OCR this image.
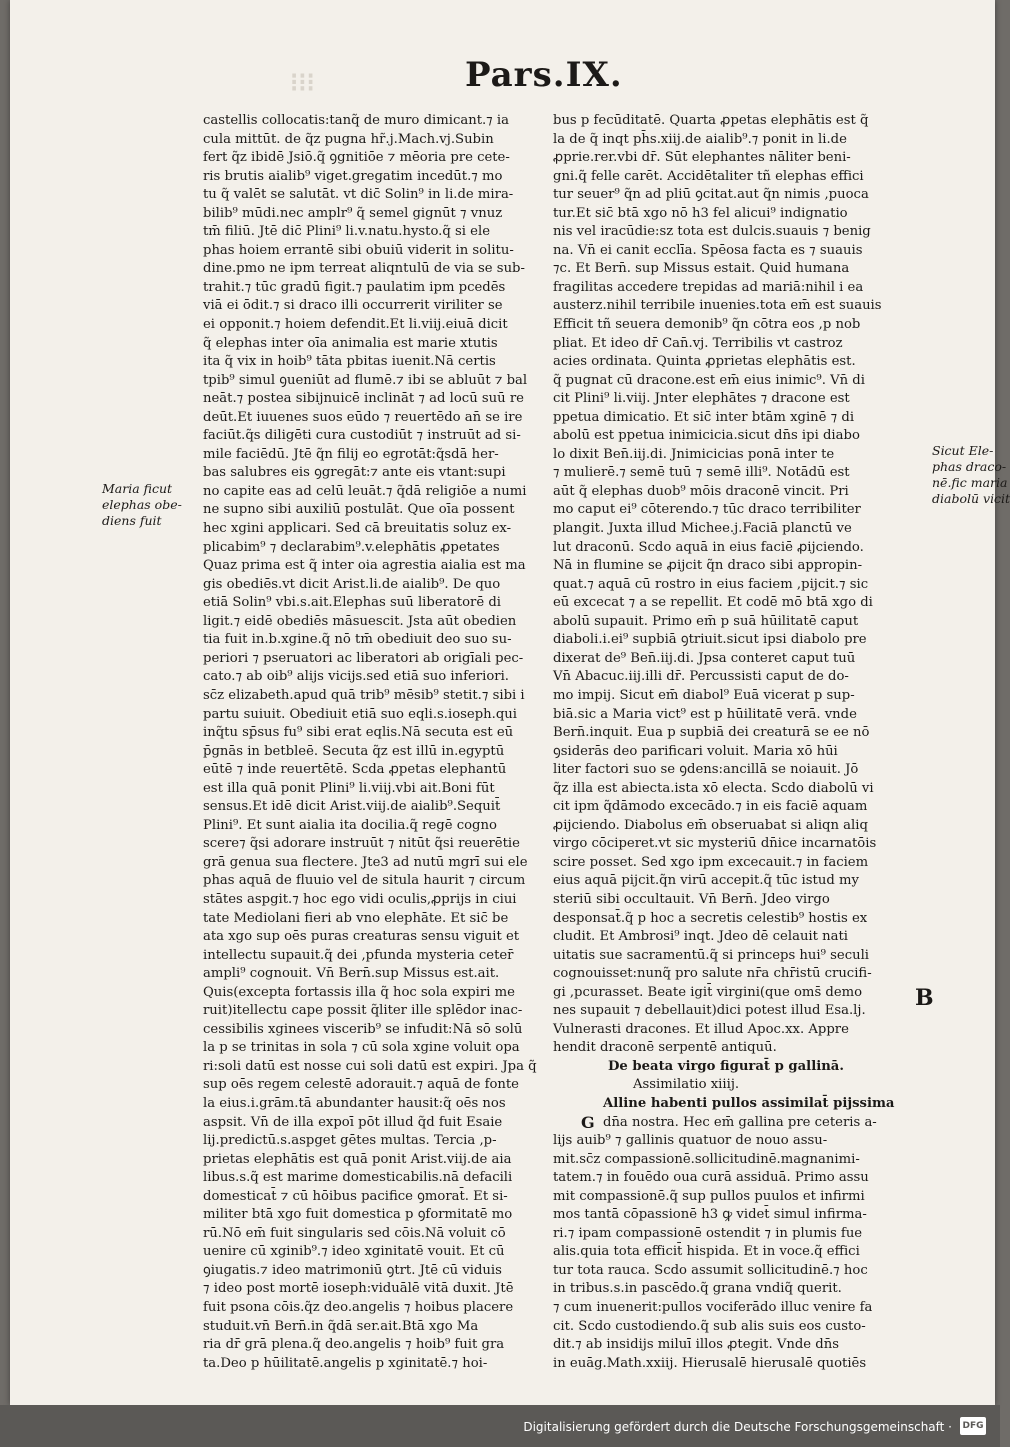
⁝⁝⁝	Pars.IX.
castellis collocatis:tanq̃ de muro dimicant.⁊ ia
cula mittūt. de q̃z pugna hr̃.j.Mach.vj.Subin
fert q̃z ibidē Jsiō.q̃ ꝯgnitiōe ⁊ mēoria pre cete-
ris brutis aialib⁹ viget.gregatim incedūt.⁊ mo
tu q̃ valēt se salutāt. vt dic̄ Solin⁹ in li.de mira-
bilib⁹ mūdi.nec amplr⁹ q̃ semel gignūt ⁊ vnuz
tm̄ filiū. Jtē dic̄ Plini⁹ li.v.natu.hysto.q̃ si ele
phas hoiem errantē sibi obuiū viderit in solitu-
dine.pmo ne ipm terreat aliqntulū de via se sub-
trahit.⁊ tūc gradū figit.⁊ paulatim ipm pcedēs
viā ei ōdit.⁊ si draco illi occurrerit viriliter se
ei opponit.⁊ hoiem defendit.Et li.viij.eiuā dicit
q̃ elephas inter oīa animalia est marie xtutis
ita q̃ vix in hoib⁹ tāta pbitas iuenit.Nā certis
tpib⁹ simul ꝯueniūt ad flumē.⁊ ibi se abluūt ⁊ bal
neāt.⁊ postea sibijnuicē inclināt ⁊ ad locū suū re
deūt.Et iuuenes suos eūdo ⁊ reuertēdo an̄ se ire
faciūt.q̃s diligēti cura custodiūt ⁊ instruūt ad si-
mile faciēdū. Jtē q̃n filij eo egrotāt:q̃sdā her-
bas salubres eis ꝯgregāt:⁊ ante eis vtant:supi
no capite eas ad celū leuāt.⁊ q̃dā religiōe a numi
ne supno sibi auxiliū postulāt. Que oīa possent
hec xgini applicari. Sed cā breuitatis soluz ex-
plicabim⁹ ⁊ declarabim⁹.v.elephātis ꝓpetates
Quaz prima est q̃ inter oia agrestia aialia est ma
gis obediēs.vt dicit Arist.li.de aialib⁹. De quo
etiā Solin⁹ vbi.s.ait.Elephas suū liberatorē di
ligit.⁊ eidē obediēs māsuescit. Jsta aūt obedien
tia fuit in.b.xgine.q̃ nō tm̄ obediuit deo suo su-
periori ⁊ pseruatori ac liberatori ab origīali pec-
cato.⁊ ab oib⁹ alijs vicijs.sed etiā suo inferiori.
sc̄z elizabeth.apud quā trib⁹ mēsib⁹ stetit.⁊ sibi i
partu suiuit. Obediuit etiā suo eqli.s.ioseph.qui
inq̃tu sp̄sus fu⁹ sibi erat eqlis.Nā secuta est eū
p̄gnās in betbleē. Secuta q̃z est illū in.egyptū
eūtē ⁊ inde reuertētē. Scda ꝓpetas elephantū
est illa quā ponit Plini⁹ li.viij.vbi ait.Boni fūt
sensus.Et idē dicit Arist.viij.de aialib⁹.Sequit̄
Plini⁹. Et sunt aialia ita docilia.q̃ regē cogno
scere⁊ q̃si adorare instruūt ⁊ nitūt q̃si reuerētie
grā genua sua flectere. Jte3 ad nutū mgrī sui ele
phas aquā de fluuio vel de situla haurit ⁊ circum
stātes aspgit.⁊ hoc ego vidi oculis,ꝓprijs in ciui
tate Mediolani fieri ab vno elephāte. Et sic̄ be
ata xgo sup oēs puras creaturas sensu viguit et
intellectu supauit.q̃ dei ,pfunda mysteria ceter̄
ampli⁹ cognouit. Vn̄ Bern̄.sup Missus est.ait.
Quis(excepta fortassis illa q̃ hoc sola expiri me
ruit)itellectu cape possit q̃liter ille splēdor inac-
cessibilis xginees viscerib⁹ se infudit:Nā sō solū
la p se trinitas in sola ⁊ cū sola xgine voluit opa
ri:soli datū est nosse cui soli datū est expiri. Jpa q̃
sup oēs regem celestē adorauit.⁊ aquā de fonte
la eius.i.grām.tā abundanter hausit:q̃ oēs nos
aspsit. Vn̄ de illa expoī pōt illud q̃d fuit Esaie
lij.predictū.s.aspget gētes multas. Tercia ,p-
prietas elephātis est quā ponit Arist.viij.de aia
libus.s.q̃ est marime domesticabilis.nā defacili
domesticat̄ ⁊ cū hōibus pacifice ꝯmorat̄. Et si-
militer btā xgo fuit domestica p ꝯformitatē mo
rū.Nō em̄ fuit singularis sed cōis.Nā voluit cō
uenire cū xginib⁹.⁊ ideo xginitatē vouit. Et cū
ꝯiugatis.⁊ ideo matrimoniū ꝯtrt. Jtē cū viduis
⁊ ideo post mortē ioseph:viduālē vitā duxit. Jtē
fuit psona cōis.q̃z deo.angelis ⁊ hoibus placere
studuit.vn̄ Bern̄.in q̃dā ser.ait.Btā xgo Ma
ria dr̄ grā plena.q̃ deo.angelis ⁊ hoib⁹ fuit gra
ta.Deo p hūilitatē.angelis p xginitatē.⁊ hoi-
bus p fecūditatē. Quarta ꝓpetas elephātis est q̃
la de q̃ inqt ph̄s.xiij.de aialib⁹.⁊ ponit in li.de
ꝓprie.rer.vbi dr̄. Sūt elephantes nāliter beni-
gni.q̃ felle carēt. Accidētaliter tñ elephas effici
tur seuer⁹ q̃n ad pliū ꝯcitat.aut q̃n nimis ,puoca
tur.Et sic̄ btā xgo nō h3 fel alicui⁹ indignatio
nis vel iracūdie:sz tota est dulcis.suauis ⁊ benig
na. Vn̄ ei canit ecclīa. Spēosa facta es ⁊ suauis
⁊c. Et Bern̄. sup Missus estait. Quid humana
fragilitas accedere trepidas ad mariā:nihil i ea
austerz.nihil terribile inuenies.tota em̄ est suauis
Efficit tñ seuera demonib⁹ q̃n cōtra eos ,p nob
pliat. Et ideo dr̄ Can̄.vj. Terribilis vt castroz
acies ordinata. Quinta ꝓprietas elephātis est.
q̃ pugnat cū dracone.est em̄ eius inimic⁹. Vn̄ di
cit Plini⁹ li.viij. Jnter elephātes ⁊ dracone est
ppetua dimicatio. Et sic̄ inter btām xginē ⁊ di
abolū est ppetua inimicicia.sicut dn̄s ipi diabo
lo dixit Ben̄.iij.di. Jnimicicias ponā inter te
⁊ mulierē.⁊ semē tuū ⁊ semē illi⁹. Notādū est
aūt q̃ elephas duob⁹ mōis draconē vincit. Pri
mo caput ei⁹ cōterendo.⁊ tūc draco terribiliter
plangit. Juxta illud Michee.j.Faciā planctū ve
lut draconū. Scdo aquā in eius faciē ꝓijciendo.
Nā in flumine se ꝓijcit q̃n draco sibi appropin-
quat.⁊ aquā cū rostro in eius faciem ,pijcit.⁊ sic
eū excecat ⁊ a se repellit. Et codē mō btā xgo di
abolū supauit. Primo em̄ p suā hūilitatē caput
diaboli.i.ei⁹ supbiā ꝯtriuit.sicut ipsi diabolo pre
dixerat de⁹ Ben̄.iij.di. Jpsa conteret caput tuū
Vn̄ Abacuc.iij.illi dr̄. Percussisti caput de do-
mo impij. Sicut em̄ diabol⁹ Euā vicerat p sup-
biā.sic a Maria vict⁹ est p hūilitatē verā. vnde
Bern̄.inquit. Eua p supbiā dei creaturā se ee nō
ꝯsiderās deo parificari voluit. Maria xō hūi
liter factori suo se ꝯdens:ancillā se noiauit. Jō
q̃z illa est abiecta.ista xō electa. Scdo diabolū vi
cit ipm q̃dāmodo excecādo.⁊ in eis faciē aquam
ꝓijciendo. Diabolus em̄ obseruabat si aliqn aliq
virgo cōciperet.vt sic mysteriū dn̄ice incarnatōis
scire posset. Sed xgo ipm excecauit.⁊ in faciem
eius aquā pijcit.q̃n virū accepit.q̃ tūc istud my
steriū sibi occultauit. Vn̄ Bern̄. Jdeo virgo
desponsat̄.q̃ p hoc a secretis celestib⁹ hostis ex
cludit. Et Ambrosi⁹ inqt. Jdeo dē celauit nati
uitatis sue sacramentū.q̃ si princeps hui⁹ seculi
cognouisset:nunq̃ pro salute nr̄a chr̄istū crucifi-
gi ,pcurasset. Beate igit̄ virgini(que oms̄ demo
nes supauit ⁊ debellauit)dici potest illud Esa.lj.
Vulnerasti dracones. Et illud Apoc.xx. Appre
hendit draconē serpentē antiquū.
De beata virgo figurat̄ p gallinā.
Assimilatio xiiij.
Alline habenti pullos assimilat̄ pijssima
dn̄a nostra. Hec em̄ gallina pre ceteris a-
lijs auib⁹ ⁊ gallinis quatuor de nouo assu-
mit.sc̄z compassionē.sollicitudinē.magnanimi-
tatem.⁊ in fouēdo oua curā assiduā. Primo assu
mit compassionē.q̃ sup pullos puulos et infirmi
mos tantā cōpassionē h3 ꝙ videt̄ simul infirma-
ri.⁊ ipam compassionē ostendit ⁊ in plumis fue
alis.quia tota efficit̄ hispida. Et in voce.q̃ effici
tur tota rauca. Scdo assumit sollicitudinē.⁊ hoc
in tribus.s.in pascēdo.q̃ grana vndiq̃ querit.
⁊ cum inuenerit:pullos vociferādo illuc venire fa
cit. Scdo custodiendo.q̃ sub alis suis eos custo-
dit.⁊ ab insidijs miluī illos ꝓtegit. Vnde dn̄s
in euāg.Math.xxiij. Hierusalē hierusalē quotiēs
G
Maria ficut
elephas obe-
diens fuit
Sicut Ele-
phas draco-
nē.fic maria
diabolū vicit
B
Digitalisierung gefördert durch die Deutsche Forschungsgemeinschaft · DFG
